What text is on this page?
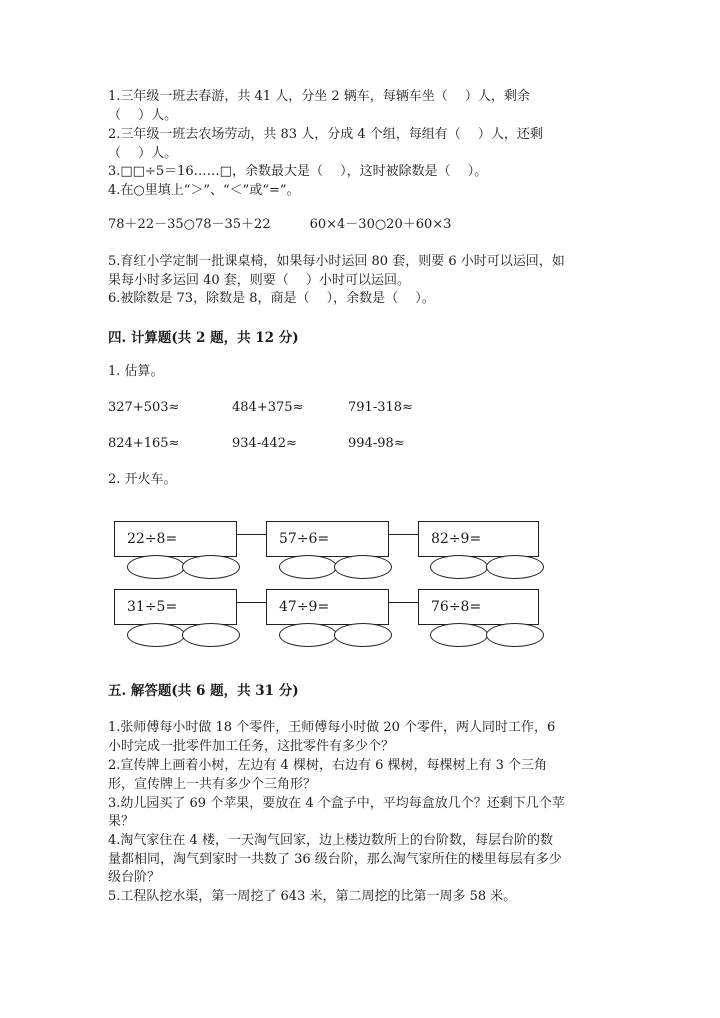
1.三年级一班去春游，共 41 人，分坐 2 辆车，每辆车坐（　 ）人，剩余
（　 ）人。
2.三年级一班去农场劳动，共 83 人，分成 4 个组，每组有（　 ）人，还剩
（　 ）人。
3.□□÷5＝16……□，余数最大是（　 ），这时被除数是（　 ）。
4.在○里填上“＞”、“＜”或“=”。
78＋22－35○78－35＋22　　　60×4－30○20＋60×3
5.育红小学定制一批课桌椅，如果每小时运回 80 套，则要 6 小时可以运回，如
果每小时多运回 40 套，则要（　 ）小时可以运回。
6.被除数是 73，除数是 8，商是（　 ），余数是（　 ）。
四. 计算题(共 2 题，共 12 分)
1. 估算。
327+503≈	484+375≈	791-318≈
824+165≈	934-442≈	994-98≈
2. 开火车。
22÷8=	57÷6=	82÷9=
31÷5=	47÷9=	76÷8=
五. 解答题(共 6 题，共 31 分)
1.张师傅每小时做 18 个零件，王师傅每小时做 20 个零件，两人同时工作，6
小时完成一批零件加工任务，这批零件有多少个？
2.宣传牌上画着小树，左边有 4 棵树，右边有 6 棵树，每棵树上有 3 个三角
形，宣传牌上一共有多少个三角形？
3.幼儿园买了 69 个苹果，要放在 4 个盒子中，平均每盒放几个？还剩下几个苹
果？
4.淘气家住在 4 楼，一天淘气回家，边上楼边数所上的台阶数，每层台阶的数
量都相同，淘气到家时一共数了 36 级台阶，那么淘气家所住的楼里每层有多少
级台阶？
5.工程队挖水渠，第一周挖了 643 米，第二周挖的比第一周多 58 米。
